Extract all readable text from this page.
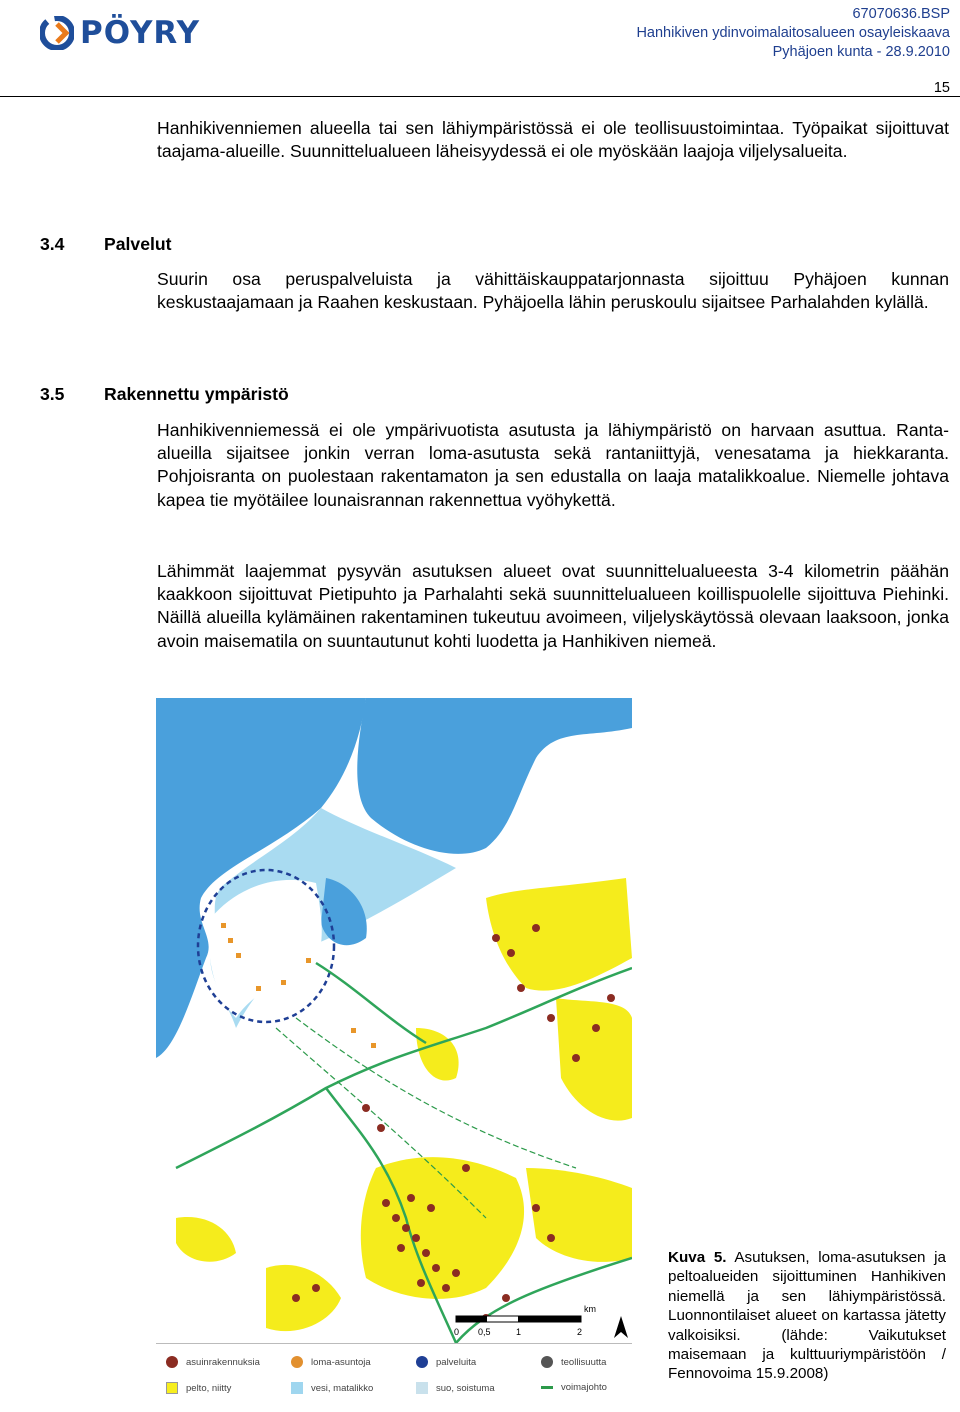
PÖYRY
67070636.BSP
Hanhikiven ydinvoimalaitosalueen osayleiskaava
Pyhäjoen kunta - 28.9.2010
15

Hanhikivenniemen alueella tai sen lähiympäristössä ei ole teollisuustoimintaa. Työpaikat sijoittuvat taajama-alueille. Suunnittelualueen läheisyydessä ei ole myöskään laajoja viljelysalueita.

3.4 Palvelut

Suurin osa peruspalveluista ja vähittäiskauppatarjonnasta sijoittuu Pyhäjoen kunnan keskustaajamaan ja Raahen keskustaan. Pyhäjoella lähin peruskoulu sijaitsee Parhalahden kylällä.

3.5 Rakennettu ympäristö

Hanhikivenniemessä ei ole ympärivuotista asutusta ja lähiympäristö on harvaan asuttua. Ranta-alueilla sijaitsee jonkin verran loma-asutusta sekä rantaniittyjä, venesatama ja hiekkaranta. Pohjoisranta on puolestaan rakentamaton ja sen edustalla on laaja matalikkoalue. Niemelle johtava kapea tie myötäilee lounaisrannan rakennettua vyöhykettä.

Lähimmät laajemmat pysyvän asutuksen alueet ovat suunnittelualueesta 3-4 kilometrin päähän kaakkoon sijoittuvat Pietipuhto ja Parhalahti sekä suunnittelualueen koillispuolelle sijoittuva Piehinki. Näillä alueilla kylämäinen rakentaminen tukeutuu avoimeen, viljelyskäytössä olevaan laaksoon, jonka avoin maisematila on suuntautunut kohti luodetta ja Hanhikiven niemeä.

0 0,5	1	2
km
asuinrakennuksia	loma-asuntoja	palveluita	teollisuutta
pelto, niitty	vesi, matalikko	suo, soistuma	voimajohto
Kuva 5. Asutuksen, loma-asutuksen ja peltoalueiden sijoittuminen Hanhikiven niemellä ja sen lähiympäristössä. Luonnontilaiset alueet on kartassa jätetty valkoisiksi. (lähde: Vaikutukset maisemaan ja kulttuuriympäristöön / Fennovoima 15.9.2008)
